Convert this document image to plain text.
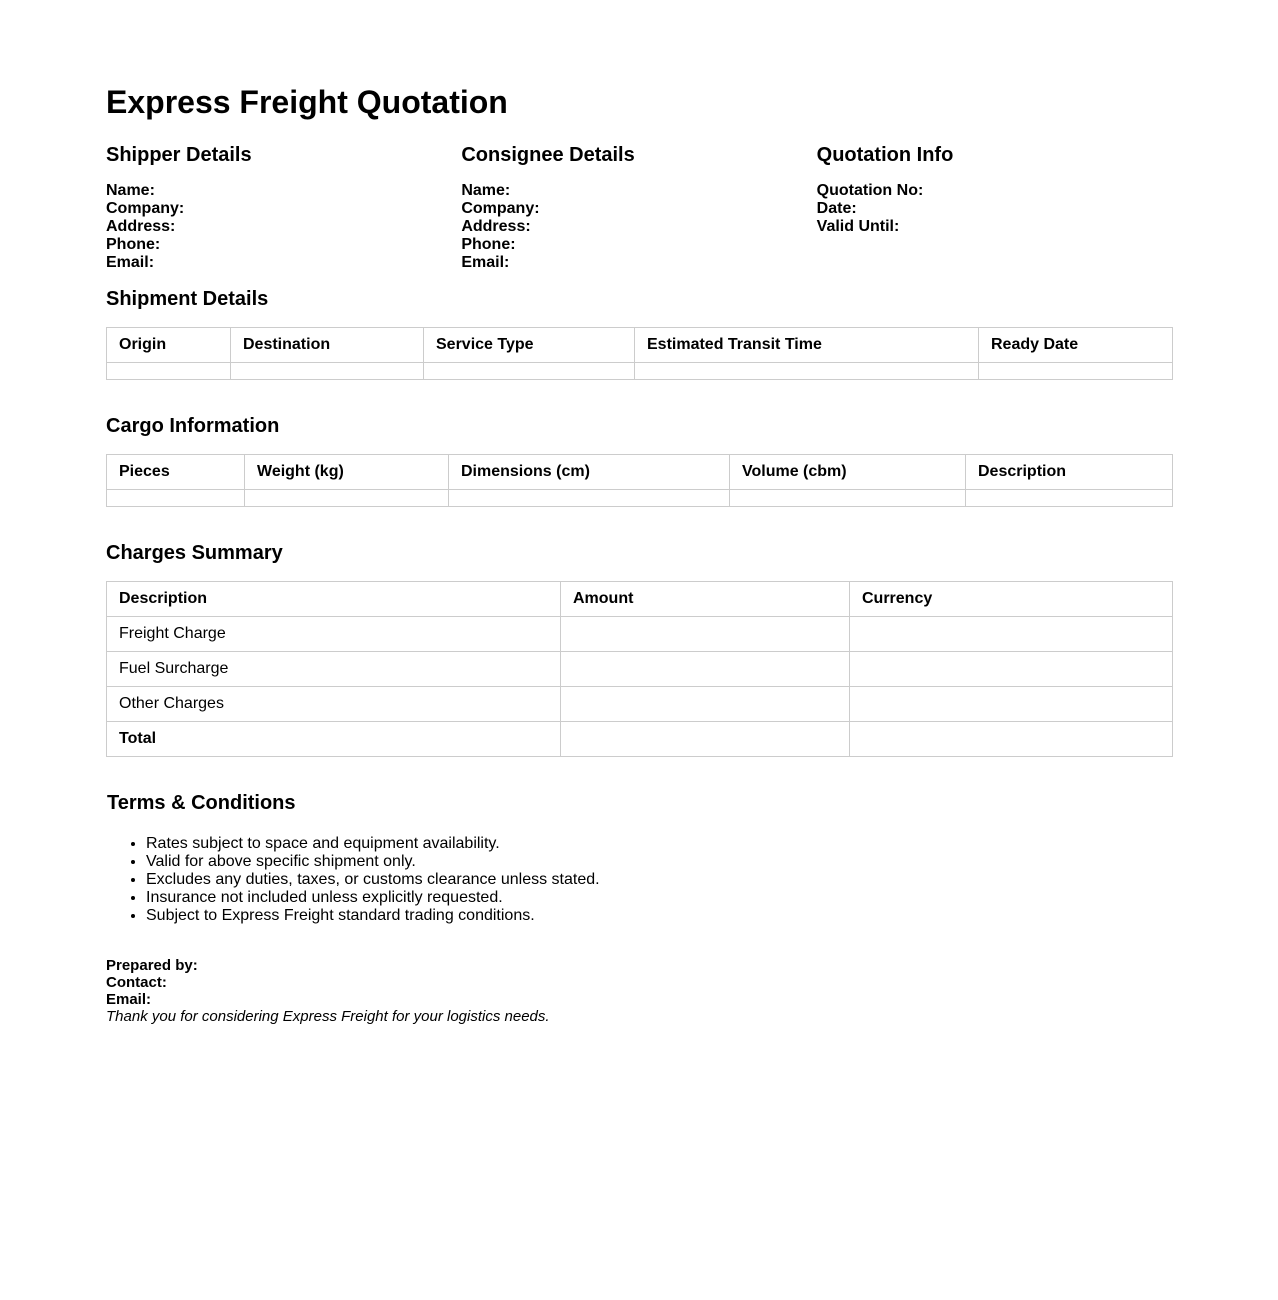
Express Freight Quotation
Shipper Details
Name:
Company:
Address:
Phone:
Email:
Consignee Details
Name:
Company:
Address:
Phone:
Email:
Quotation Info
Quotation No:
Date:
Valid Until:
Shipment Details
Origin	Destination	Service Type	Estimated Transit Time	Ready Date

Cargo Information
Pieces	Weight (kg)	Dimensions (cm)	Volume (cbm)	Description

Charges Summary
Description	Amount	Currency
Freight Charge		
Fuel Surcharge		
Other Charges		
Total		
Terms & Conditions
• Rates subject to space and equipment availability.
• Valid for above specific shipment only.
• Excludes any duties, taxes, or customs clearance unless stated.
• Insurance not included unless explicitly requested.
• Subject to Express Freight standard trading conditions.
Prepared by:
Contact:
Email:
Thank you for considering Express Freight for your logistics needs.
